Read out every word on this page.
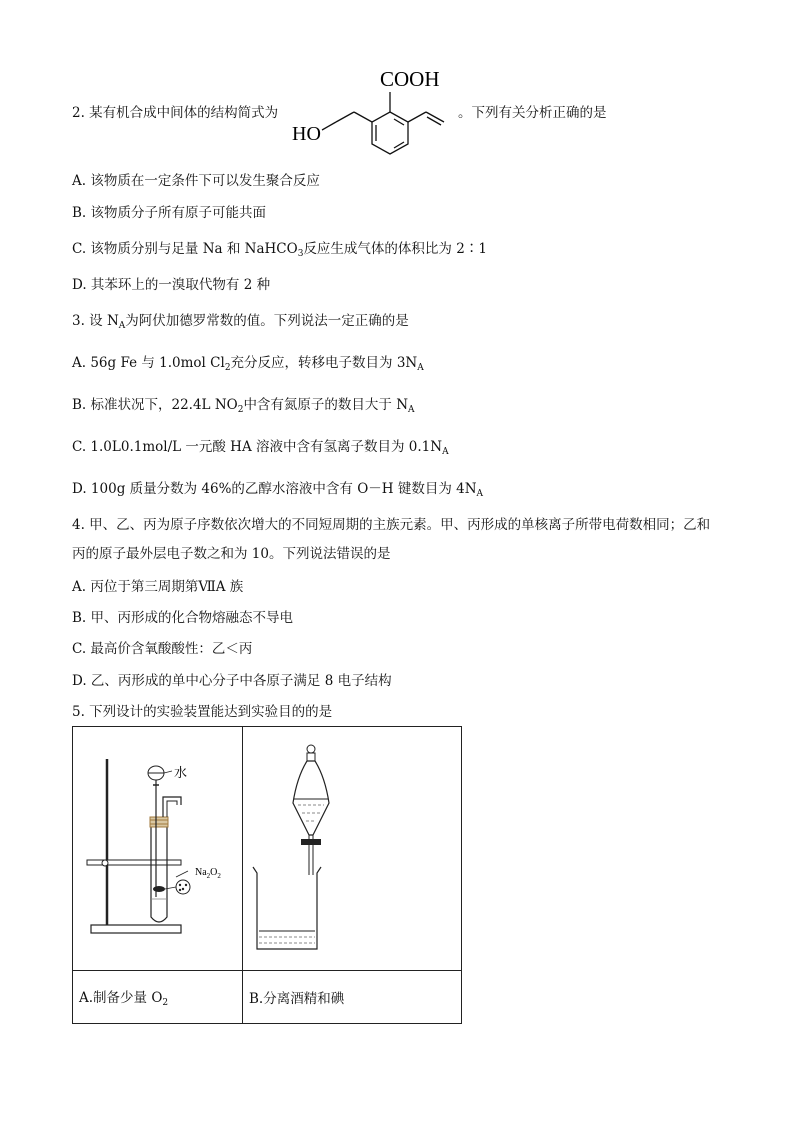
2. 某有机合成中间体的结构简式为
COOH
HO
。下列有关分析正确的是
A. 该物质在一定条件下可以发生聚合反应
B. 该物质分子所有原子可能共面
C. 该物质分别与足量 Na 和 NaHCO$_3$反应生成气体的体积比为 2∶1
D. 其苯环上的一溴取代物有 2 种
3. 设 $N_A$为阿伏加德罗常数的值。下列说法一定正确的是
A. 56g Fe 与 1.0mol $Cl_2$充分反应，转移电子数目为 $3N_A$
B. 标准状况下，22.4L $NO_2$中含有氮原子的数目大于 $N_A$
C. 1.0L0.1mol/L 一元酸 HA 溶液中含有氢离子数目为 $0.1N_A$
D. 100g 质量分数为 46%的乙醇水溶液中含有 O－H 键数目为 $4N_A$
4. 甲、乙、丙为原子序数依次增大的不同短周期的主族元素。甲、丙形成的单核离子所带电荷数相同；乙和丙的原子最外层电子数之和为 10。下列说法错误的是
A. 丙位于第三周期第ⅦA 族
B. 甲、丙形成的化合物熔融态不导电
C. 最高价含氧酸酸性：乙＜丙
D. 乙、丙形成的单中心分子中各原子满足 8 电子结构
5. 下列设计的实验装置能达到实验目的的是
水
$Na_2O_2$

A.制备少量 $O_2$	B.分离酒精和碘
